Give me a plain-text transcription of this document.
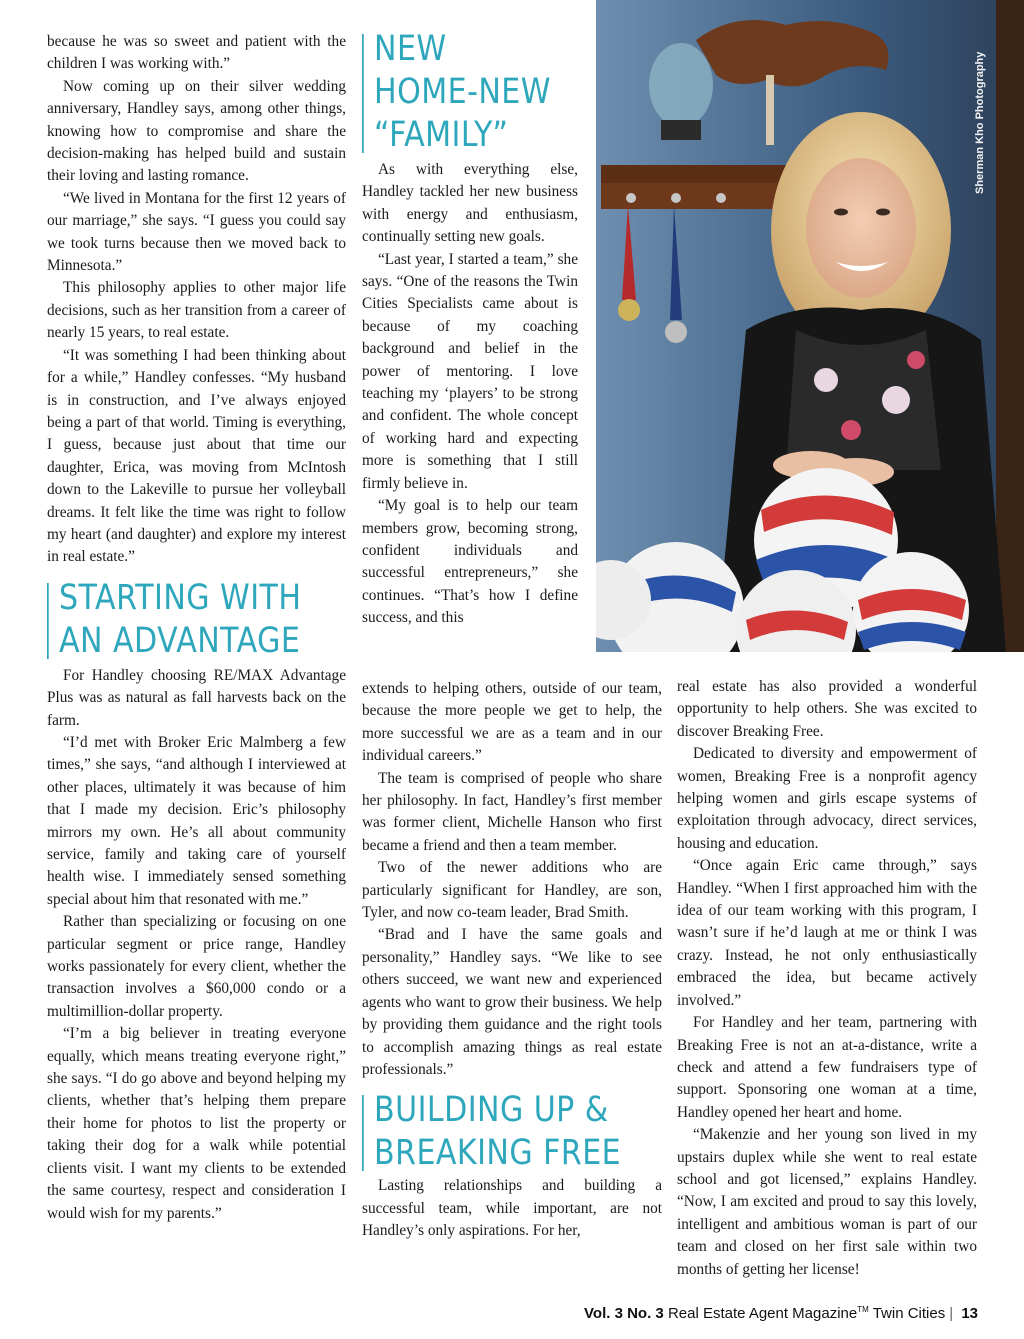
Sherman Kho Photography

because he was so sweet and patient with the children I was working with.”

Now coming up on their silver wedding anniversary, Handley says, among other things, knowing how to compromise and share the decision-making has helped build and sustain their loving and lasting romance.

“We lived in Montana for the first 12 years of our marriage,” she says. “I guess you could say we took turns because then we moved back to Minnesota.”

This philosophy applies to other major life decisions, such as her transition from a career of nearly 15 years, to real estate.

“It was something I had been thinking about for a while,” Handley confesses. “My husband is in construction, and I’ve always enjoyed being a part of that world. Timing is everything, I guess, because just about that time our daughter, Erica, was moving from McIntosh down to the Lakeville to pursue her volleyball dreams. It felt like the time was right to follow my heart (and daughter) and explore my interest in real estate.”

STARTING WITH
AN ADVANTAGE

For Handley choosing RE/MAX Advantage Plus was as natural as fall harvests back on the farm.

“I’d met with Broker Eric Malmberg a few times,” she says, “and although I interviewed at other places, ultimately it was because of him that I made my decision. Eric’s philosophy mirrors my own. He’s all about community service, family and taking care of yourself health wise. I immediately sensed something special about him that resonated with me.”

Rather than specializing or focusing on one particular segment or price range, Handley works passionately for every client, whether the transaction involves a $60,000 condo or a multimillion-dollar property.

“I’m a big believer in treating everyone equally, which means treating everyone right,” she says. “I do go above and beyond helping my clients, whether that’s helping them prepare their home for photos to list the property or taking their dog for a walk while potential clients visit. I want my clients to be extended the same courtesy, respect and consideration I would wish for my parents.”

NEW
HOME-NEW
“FAMILY”

As with everything else, Handley tackled her new business with energy and enthusiasm, continually setting new goals.

“Last year, I started a team,” she says. “One of the reasons the Twin Cities Specialists came about is because of my coaching background and belief in the power of mentoring. I love teaching my ‘players’ to be strong and confident. The whole concept of working hard and expecting more is something that I still firmly believe in.

“My goal is to help our team members grow, becoming strong, confident individuals and successful entrepreneurs,” she continues. “That’s how I define success, and this

extends to helping others, outside of our team, because the more people we get to help, the more successful we are as a team and in our individual careers.”

The team is comprised of people who share her philosophy. In fact, Handley’s first member was former client, Michelle Hanson who first became a friend and then a team member.

Two of the newer additions who are particularly significant for Handley, are son, Tyler, and now co-team leader, Brad Smith.

“Brad and I have the same goals and personality,” Handley says. “We like to see others succeed, we want new and experienced agents who want to grow their business. We help by providing them guidance and the right tools to accomplish amazing things as real estate professionals.”

BUILDING UP &
BREAKING FREE

Lasting relationships and building a successful team, while important, are not Handley’s only aspirations. For her,

real estate has also provided a wonderful opportunity to help others. She was excited to discover Breaking Free.

Dedicated to diversity and empowerment of women, Breaking Free is a nonprofit agency helping women and girls escape systems of exploitation through advocacy, direct services, housing and education.

“Once again Eric came through,” says Handley. “When I first approached him with the idea of our team working with this program, I wasn’t sure if he’d laugh at me or think I was crazy. Instead, he not only enthusiastically embraced the idea, but became actively involved.”

For Handley and her team, partnering with Breaking Free is not an at-a-distance, write a check and attend a few fundraisers type of support. Sponsoring one woman at a time, Handley opened her heart and home.

“Makenzie and her young son lived in my upstairs duplex while she went to real estate school and got licensed,” explains Handley. “Now, I am excited and proud to say this lovely, intelligent and ambitious woman is part of our team and closed on her first sale within two months of getting her license!

Vol. 3 No. 3 Real Estate Agent Magazine™ Twin Cities | 13
